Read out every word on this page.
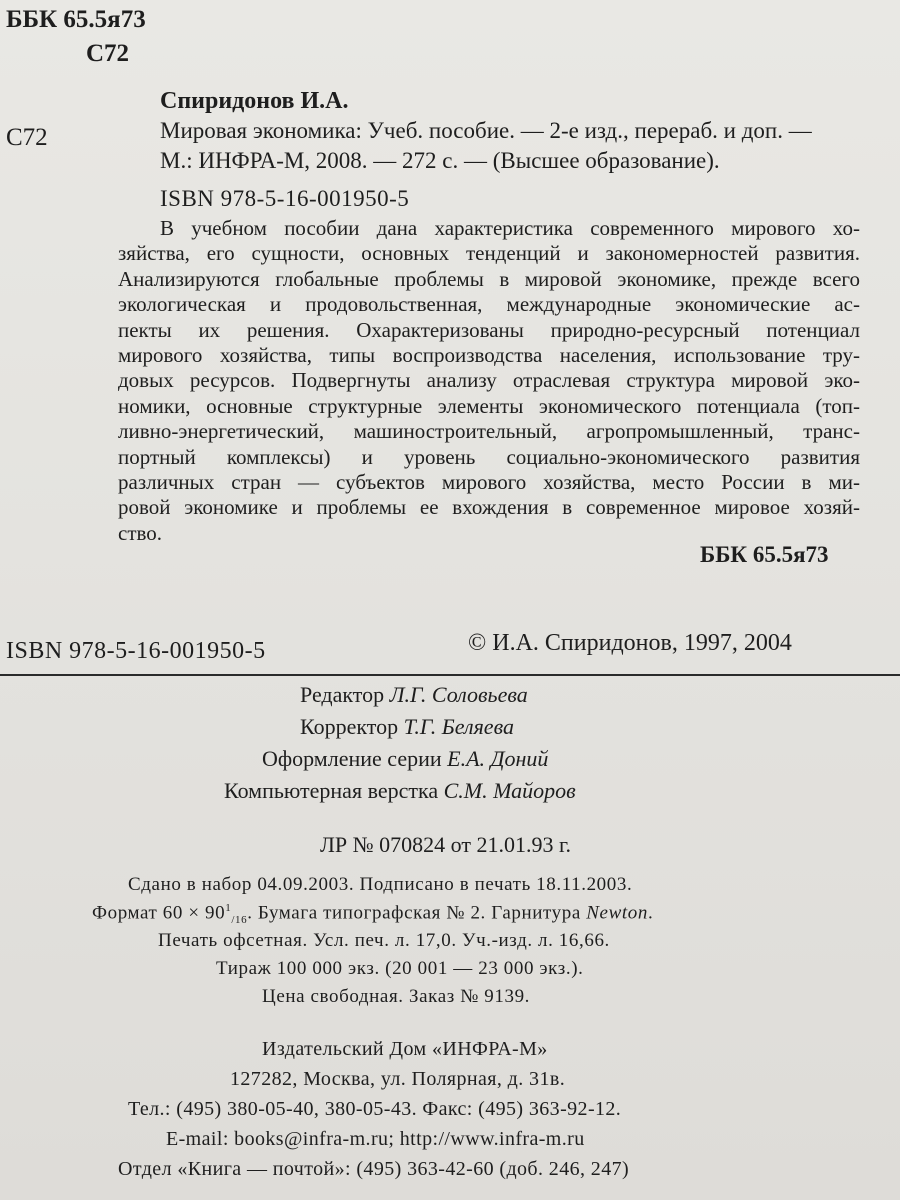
ББК 65.5я73
С72
С72
Спиридонов И.А.
Мировая экономика: Учеб. пособие. — 2-е изд., перераб. и доп. —
М.: ИНФРА-М, 2008. — 272 с. — (Высшее образование).
ISBN 978-5-16-001950-5
В учебном пособии дана характеристика современного мирового хо-
зяйства, его сущности, основных тенденций и закономерностей развития.
Анализируются глобальные проблемы в мировой экономике, прежде всего
экологическая и продовольственная, международные экономические ас-
пекты их решения. Охарактеризованы природно-ресурсный потенциал
мирового хозяйства, типы воспроизводства населения, использование тру-
довых ресурсов. Подвергнуты анализу отраслевая структура мировой эко-
номики, основные структурные элементы экономического потенциала (топ-
ливно-энергетический, машиностроительный, агропромышленный, транс-
портный комплексы) и уровень социально-экономического развития
различных стран — субъектов мирового хозяйства, место России в ми-
ровой экономике и проблемы ее вхождения в современное мировое хозяй-
ство.
ББК 65.5я73
ISBN 978-5-16-001950-5	© И.А. Спиридонов, 1997, 2004
Редактор Л.Г. Соловьева
Корректор Т.Г. Беляева
Оформление серии Е.А. Доний
Компьютерная верстка С.М. Майоров
ЛР № 070824 от 21.01.93 г.
Сдано в набор 04.09.2003. Подписано в печать 18.11.2003.
Формат $60 \times 90^1_{/16}$. Бумага типографская № 2. Гарнитура Newton.
Печать офсетная. Усл. печ. л. 17,0. Уч.-изд. л. 16,66.
Тираж 100 000 экз. (20 001 — 23 000 экз.).
Цена свободная. Заказ № 9139.
Издательский Дом «ИНФРА-М»
127282, Москва, ул. Полярная, д. 31в.
Тел.: (495) 380-05-40, 380-05-43. Факс: (495) 363-92-12.
E-mail: books@infra-m.ru; http://www.infra-m.ru
Отдел «Книга — почтой»: (495) 363-42-60 (доб. 246, 247)
